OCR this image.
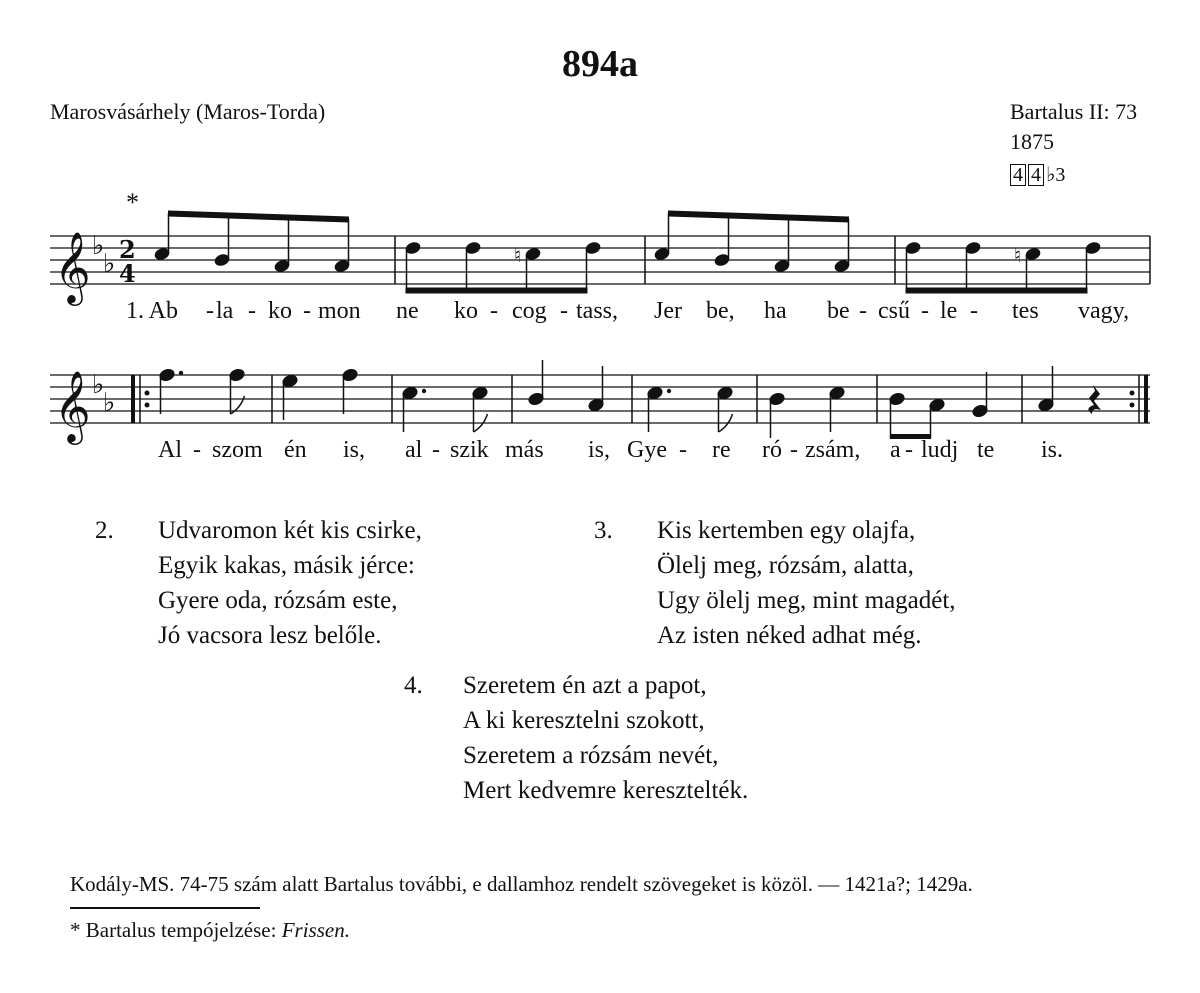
894a
Marosvásárhely (Maros-Torda)	Bartalus II: 73
1875
4 4 ♭3
*
𝄞 ♭
♭ 2
4
♮	♮
1. Ab - la - ko - mon ne ko - cog - tass, Jer be, ha be - csű - le - tes vagy,
𝄞 ♭
♭
Al - szom én is, al - szik más is, Gye - re ró - zsám, a - ludj te is.
2. Udvaromon két kis csirke,
Egyik kakas, másik jérce:
Gyere oda, rózsám este,
Jó vacsora lesz belőle.
3. Kis kertemben egy olajfa,
Ölelj meg, rózsám, alatta,
Ugy ölelj meg, mint magadét,
Az isten néked adhat még.
4. Szeretem én azt a papot,
A ki keresztelni szokott,
Szeretem a rózsám nevét,
Mert kedvemre keresztelték.
Kodály-MS. 74-75 szám alatt Bartalus további, e dallamhoz rendelt szövegeket is közöl. — 1421a?; 1429a.
* Bartalus tempójelzése: Frissen.
